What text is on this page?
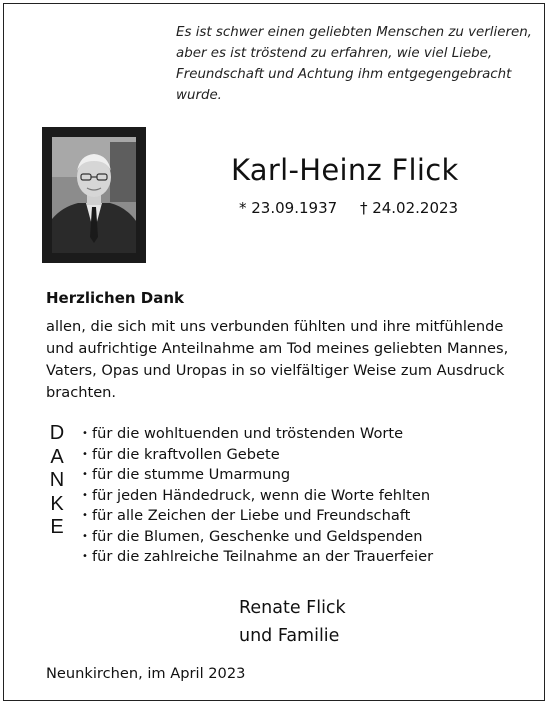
Es ist schwer einen geliebten Menschen zu verlieren,
aber es ist tröstend zu erfahren, wie viel Liebe,
Freundschaft und Achtung ihm entgegengebracht
wurde.
Karl-Heinz Flick
* 23.09.1937 † 24.02.2023
Herzlichen Dank
allen, die sich mit uns verbunden fühlten und ihre mitfühlende
und aufrichtige Anteilnahme am Tod meines geliebten Mannes,
Vaters, Opas und Uropas in so vielfältiger Weise zum Ausdruck
brachten.
D
A
N
K
E
• für die wohltuenden und tröstenden Worte
• für die kraftvollen Gebete
• für die stumme Umarmung
• für jeden Händedruck, wenn die Worte fehlten
• für alle Zeichen der Liebe und Freundschaft
• für die Blumen, Geschenke und Geldspenden
• für die zahlreiche Teilnahme an der Trauerfeier
Renate Flick
und Familie
Neunkirchen, im April 2023
